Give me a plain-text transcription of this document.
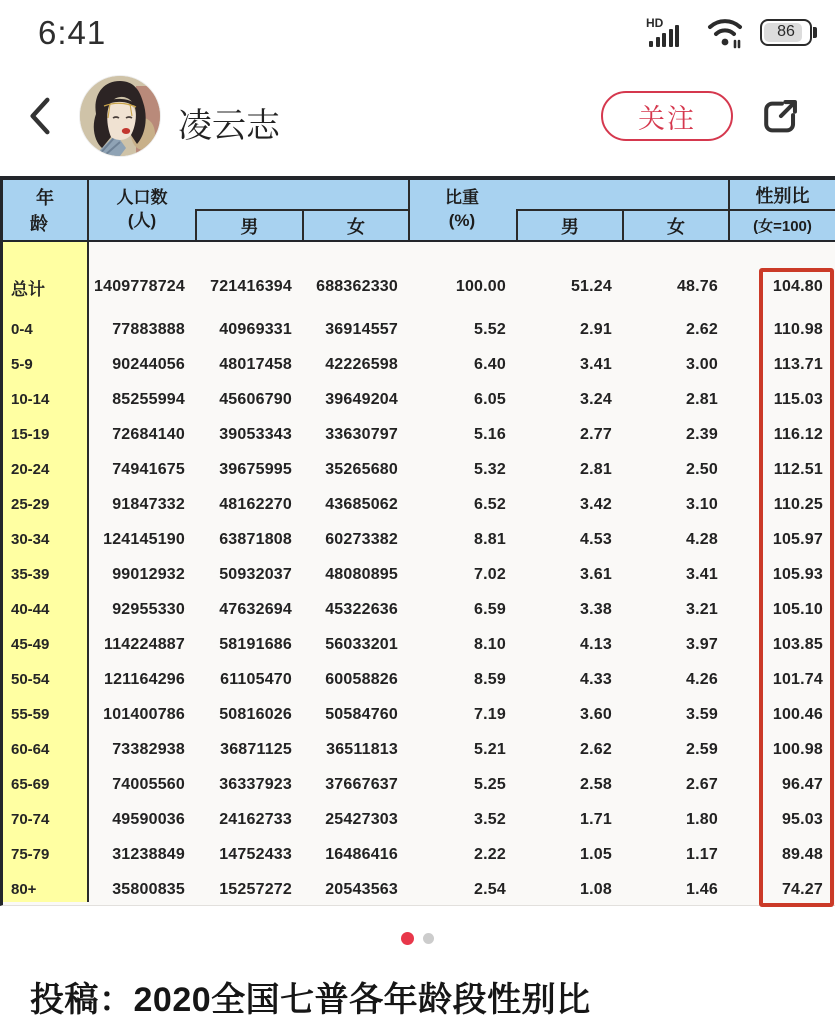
6:41	HD	86
凌云志	关注
年 龄
人口数
(人)	男	女
比重
(%)	男	女
性别比
(女=100)
总计	1409778724	721416394	688362330	100.00	51.24	48.76	104.80
0-4	77883888	40969331	36914557	5.52	2.91	2.62	110.98
5-9	90244056	48017458	42226598	6.40	3.41	3.00	113.71
10-14	85255994	45606790	39649204	6.05	3.24	2.81	115.03
15-19	72684140	39053343	33630797	5.16	2.77	2.39	116.12
20-24	74941675	39675995	35265680	5.32	2.81	2.50	112.51
25-29	91847332	48162270	43685062	6.52	3.42	3.10	110.25
30-34	124145190	63871808	60273382	8.81	4.53	4.28	105.97
35-39	99012932	50932037	48080895	7.02	3.61	3.41	105.93
40-44	92955330	47632694	45322636	6.59	3.38	3.21	105.10
45-49	114224887	58191686	56033201	8.10	4.13	3.97	103.85
50-54	121164296	61105470	60058826	8.59	4.33	4.26	101.74
55-59	101400786	50816026	50584760	7.19	3.60	3.59	100.46
60-64	73382938	36871125	36511813	5.21	2.62	2.59	100.98
65-69	74005560	36337923	37667637	5.25	2.58	2.67	96.47
70-74	49590036	24162733	25427303	3.52	1.71	1.80	95.03
75-79	31238849	14752433	16486416	2.22	1.05	1.17	89.48
80+	35800835	15257272	20543563	2.54	1.08	1.46	74.27
投稿：2020全国七普各年龄段性别比
